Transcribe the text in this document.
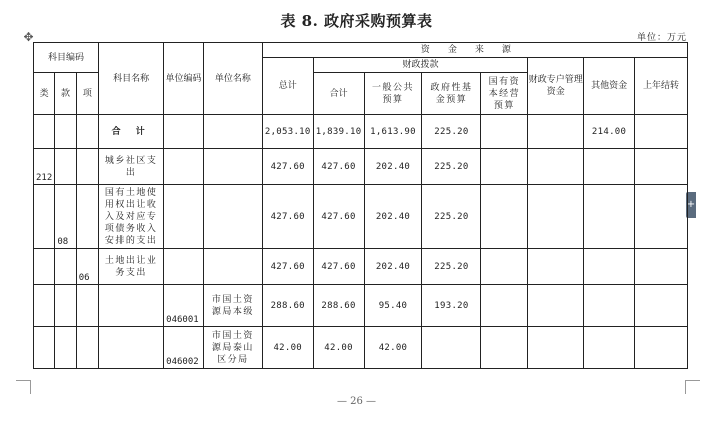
表 8. 政府采购预算表
单位：万元
✥
+
科目编码			科目名称	单位编码	单位名称	资金来源							
						总计	财政拨款				财政专户管理资金	其他资金	上年结转
类	款	项					合计	一般公共预算	政府性基金预算	国有资本经营预算			
			合 计			2,053.10	1,839.10	1,613.90	225.20			214.00	
212			城乡社区支出			427.60	427.60	202.40	225.20				
	08		国有土地使用权出让收入及对应专项债务收入安排的支出			427.60	427.60	202.40	225.20				
		06	土地出让业务支出			427.60	427.60	202.40	225.20				
				046001	市国土资源局本级	288.60	288.60	95.40	193.20				
				046002	市国土资源局泰山区分局	42.00	42.00	42.00					
— 26 —
